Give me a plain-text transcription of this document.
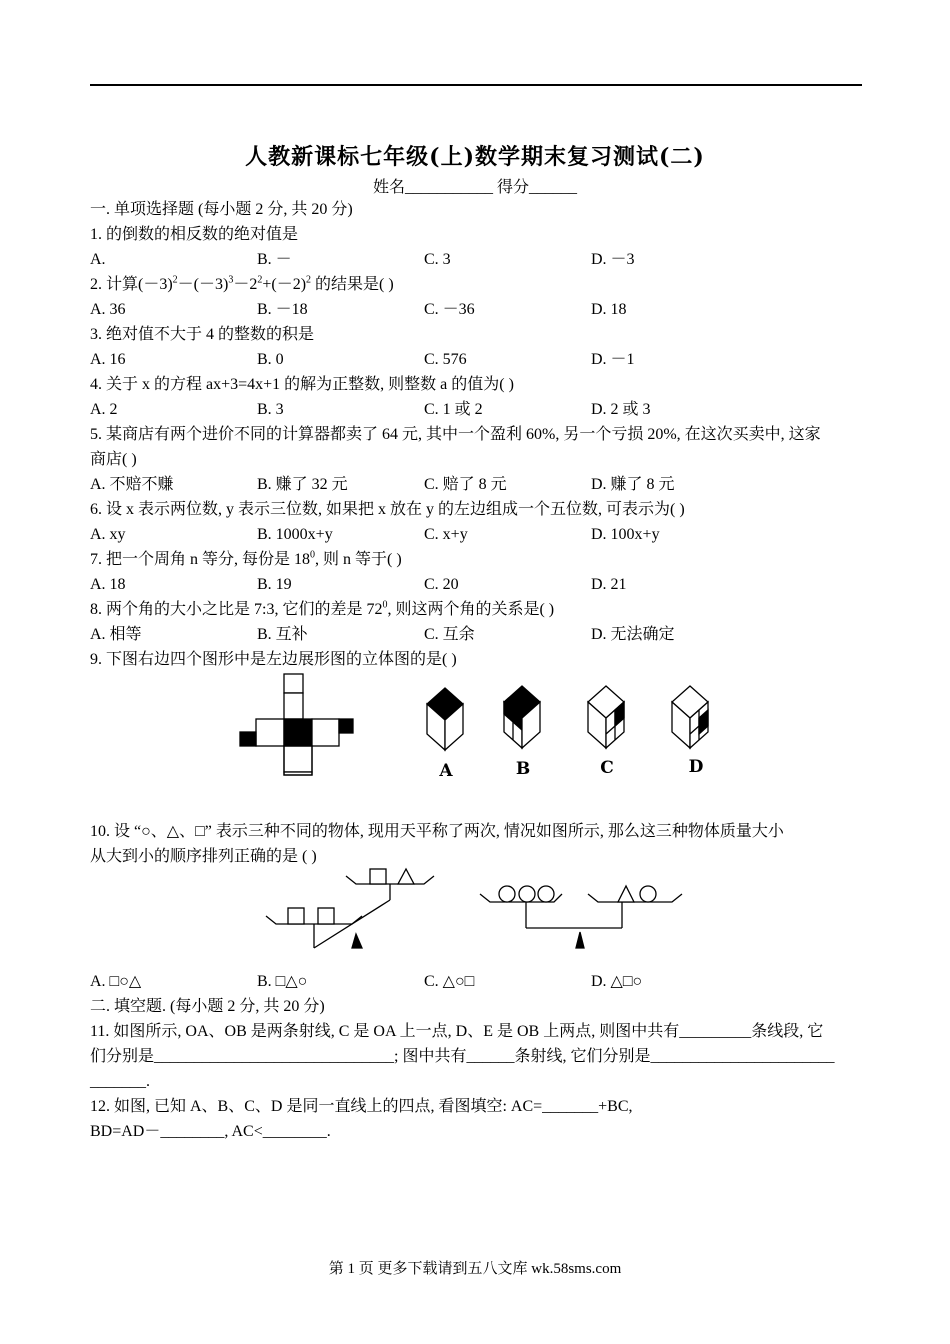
人教新课标七年级(上)数学期末复习测试(二)
姓名___________ 得分______
一. 单项选择题 (每小题 2 分, 共 20 分)
1. 的倒数的相反数的绝对值是
A.	B. －	C. 3	D. －3
2. 计算$(-3)^2-(-3)^3-2^2+(-2)^2$ 的结果是( )
A. 36	B. －18	C. －36	D. 18
3. 绝对值不大于 4 的整数的积是
A. 16	B. 0	C. 576	D. －1
4. 关于 x 的方程 ax+3=4x+1 的解为正整数, 则整数 a 的值为( )
A. 2	B. 3	C. 1 或 2	D. 2 或 3
5. 某商店有两个进价不同的计算器都卖了 64 元, 其中一个盈利 60%, 另一个亏损 20%, 在这次买卖中, 这家
商店( )
A. 不赔不赚	B. 赚了 32 元	C. 赔了 8 元	D. 赚了 8 元
6. 设 x 表示两位数, y 表示三位数, 如果把 x 放在 y 的左边组成一个五位数, 可表示为( )
A. xy	B. 1000x+y	C. x+y	D. 100x+y
7. 把一个周角 n 等分, 每份是 $18^0$, 则 n 等于( )
A. 18	B. 19	C. 20	D. 21
8. 两个角的大小之比是 7:3, 它们的差是 $72^0$, 则这两个角的关系是( )
A. 相等	B. 互补	C. 互余	D. 无法确定
9. 下图右边四个图形中是左边展形图的立体图的是( )
A	B	C	D
10. 设 “○、△、□” 表示三种不同的物体, 现用天平称了两次, 情况如图所示, 那么这三种物体质量大小
从大到小的顺序排列正确的是 ( )
A. □○△	B. □△○	C. △○□	D. △□○
二. 填空题. (每小题 2 分, 共 20 分)
11. 如图所示, OA、OB 是两条射线, C 是 OA 上一点, D、E 是 OB 上两点, 则图中共有_________条线段, 它
们分别是______________________________; 图中共有______条射线, 它们分别是_______________________
_______.
12. 如图, 已知 A、B、C、D 是同一直线上的四点, 看图填空: AC=_______+BC,
BD=AD－________, AC<________.
第 1 页 更多下载请到五八文库 wk.58sms.com
